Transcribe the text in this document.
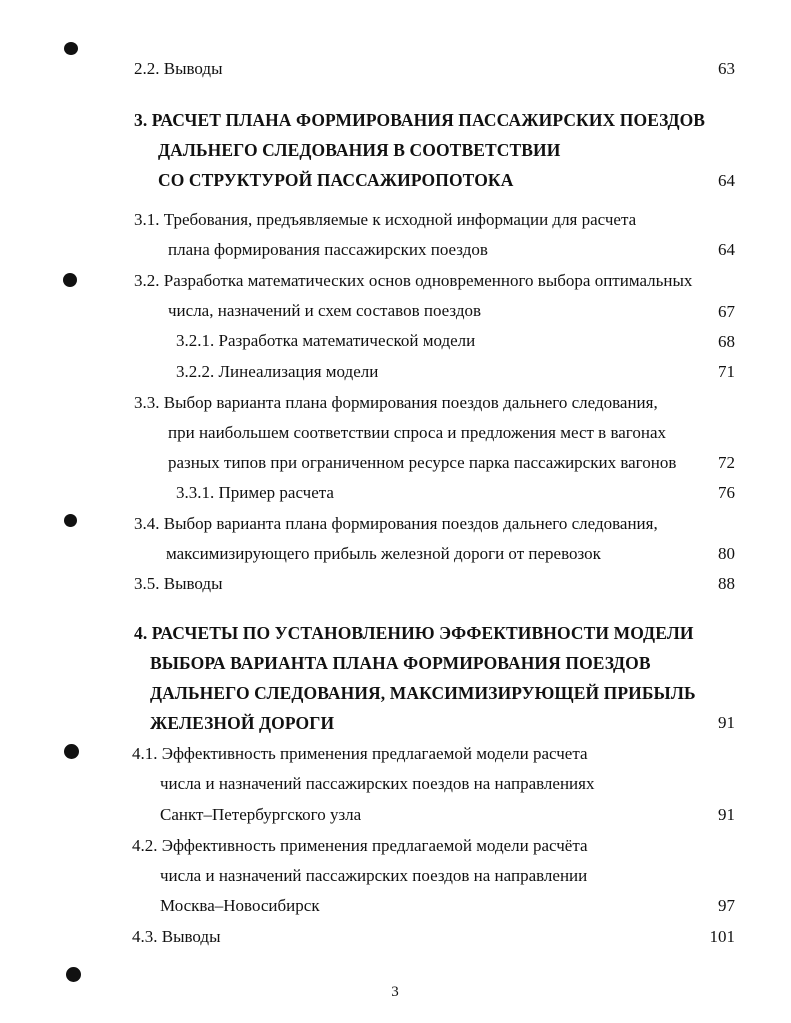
2.2. Выводы	63
3. РАСЧЕТ ПЛАНА ФОРМИРОВАНИЯ ПАССАЖИРСКИХ ПОЕЗДОВ
ДАЛЬНЕГО СЛЕДОВАНИЯ В СООТВЕТСТВИИ
СО СТРУКТУРОЙ ПАССАЖИРОПОТОКА	64
3.1. Требования, предъявляемые к исходной информации для расчета
плана формирования пассажирских поездов	64
3.2. Разработка математических основ одновременного выбора оптимальных
числа, назначений и схем составов поездов	67
3.2.1. Разработка математической модели	68
3.2.2. Линеализация модели	71
3.3. Выбор варианта плана формирования поездов дальнего следования,
при наибольшем соответствии спроса и предложения мест в вагонах
разных типов при ограниченном ресурсе парка пассажирских вагонов	72
3.3.1. Пример расчета	76
3.4. Выбор варианта плана формирования поездов дальнего следования,
максимизирующего прибыль железной дороги от перевозок	80
3.5. Выводы	88
4. РАСЧЕТЫ ПО УСТАНОВЛЕНИЮ ЭФФЕКТИВНОСТИ МОДЕЛИ
ВЫБОРА ВАРИАНТА ПЛАНА ФОРМИРОВАНИЯ ПОЕЗДОВ
ДАЛЬНЕГО СЛЕДОВАНИЯ, МАКСИМИЗИРУЮЩЕЙ ПРИБЫЛЬ
ЖЕЛЕЗНОЙ ДОРОГИ	91
4.1. Эффективность применения предлагаемой модели расчета
числа и назначений пассажирских поездов на направлениях
Санкт–Петербургского узла	91
4.2. Эффективность применения предлагаемой модели расчёта
числа и назначений пассажирских поездов на направлении
Москва–Новосибирск	97
4.3. Выводы	101
3
